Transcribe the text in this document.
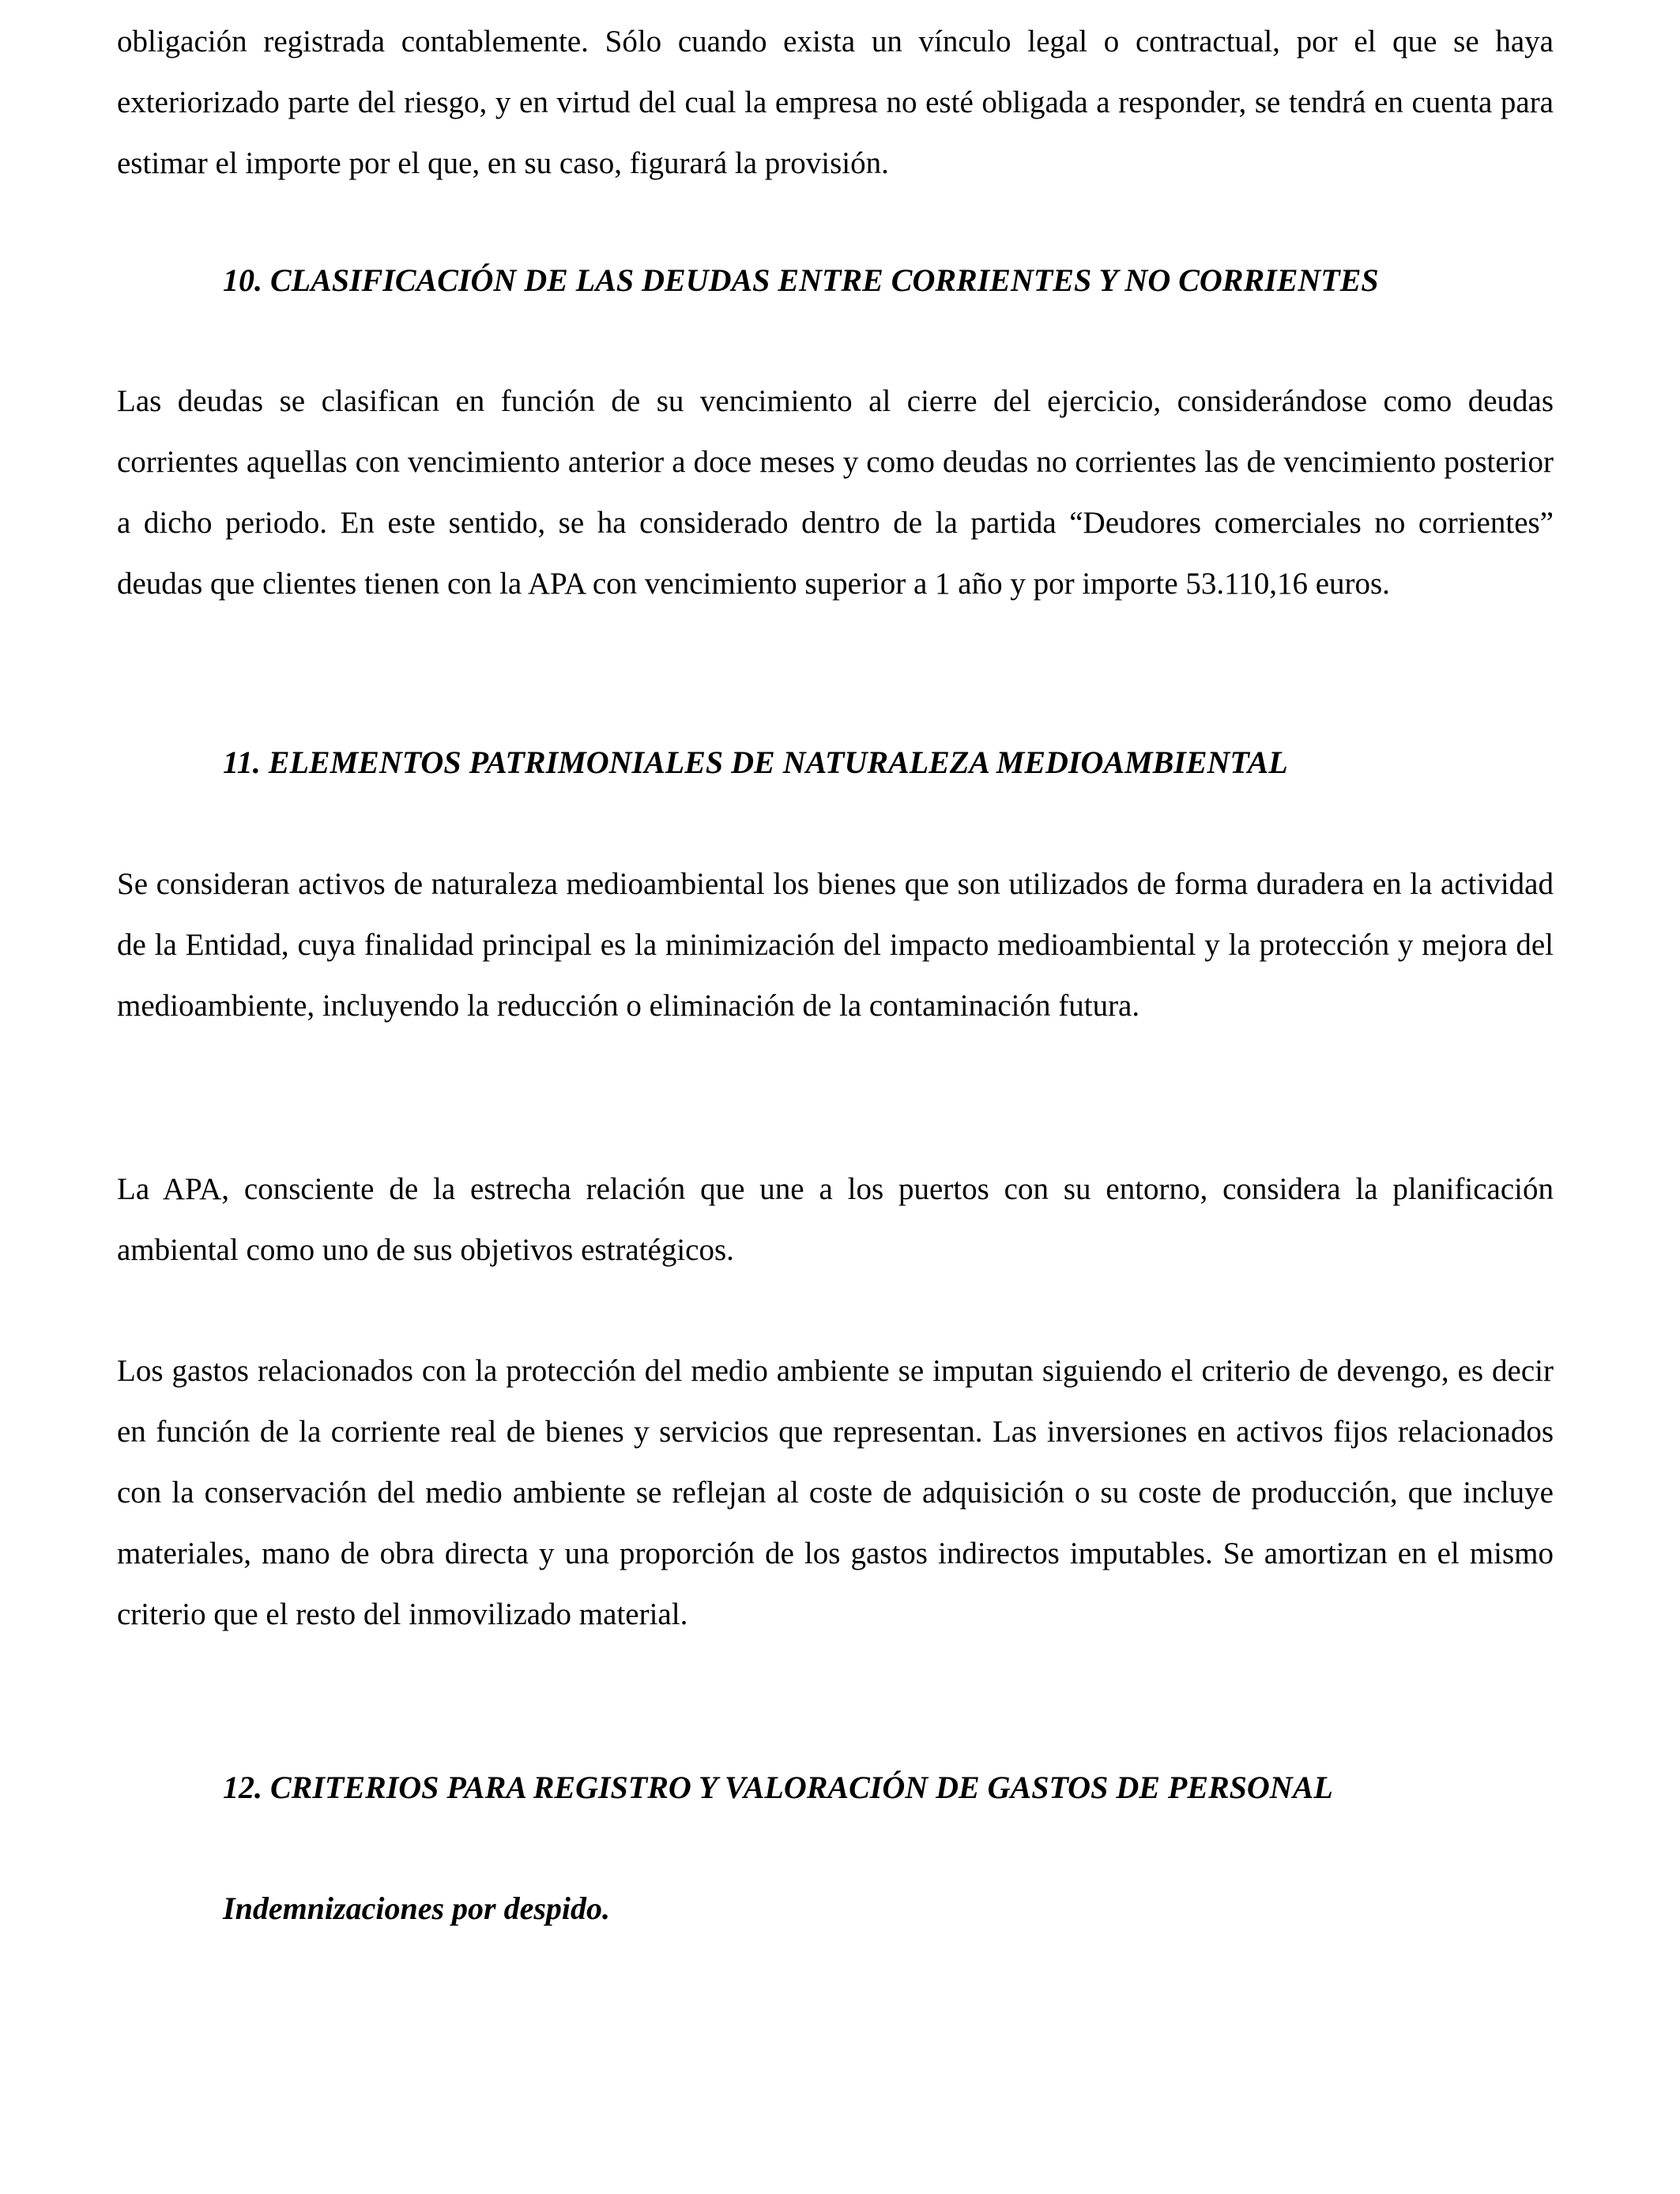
obligación registrada contablemente. Sólo cuando exista un vínculo legal o contractual, por el que se haya exteriorizado parte del riesgo, y en virtud del cual la empresa no esté obligada a responder, se tendrá en cuenta para estimar el importe por el que, en su caso, figurará la provisión.

10. CLASIFICACIÓN DE LAS DEUDAS ENTRE CORRIENTES Y NO CORRIENTES

Las deudas se clasifican en función de su vencimiento al cierre del ejercicio, considerándose como deudas corrientes aquellas con vencimiento anterior a doce meses y como deudas no corrientes las de vencimiento posterior a dicho periodo. En este sentido, se ha considerado dentro de la partida “Deudores comerciales no corrientes” deudas que clientes tienen con la APA con vencimiento superior a 1 año y por importe 53.110,16 euros.

11. ELEMENTOS PATRIMONIALES DE NATURALEZA MEDIOAMBIENTAL

Se consideran activos de naturaleza medioambiental los bienes que son utilizados de forma duradera en la actividad de la Entidad, cuya finalidad principal es la minimización del impacto medioambiental y la protección y mejora del medioambiente, incluyendo la reducción o eliminación de la contaminación futura.

La APA, consciente de la estrecha relación que une a los puertos con su entorno, considera la planificación ambiental como uno de sus objetivos estratégicos.

Los gastos relacionados con la protección del medio ambiente se imputan siguiendo el criterio de devengo, es decir en función de la corriente real de bienes y servicios que representan. Las inversiones en activos fijos relacionados con la conservación del medio ambiente se reflejan al coste de adquisición o su coste de producción, que incluye materiales, mano de obra directa y una proporción de los gastos indirectos imputables. Se amortizan en el mismo criterio que el resto del inmovilizado material.

12. CRITERIOS PARA REGISTRO Y VALORACIÓN DE GASTOS DE PERSONAL
Indemnizaciones por despido.
